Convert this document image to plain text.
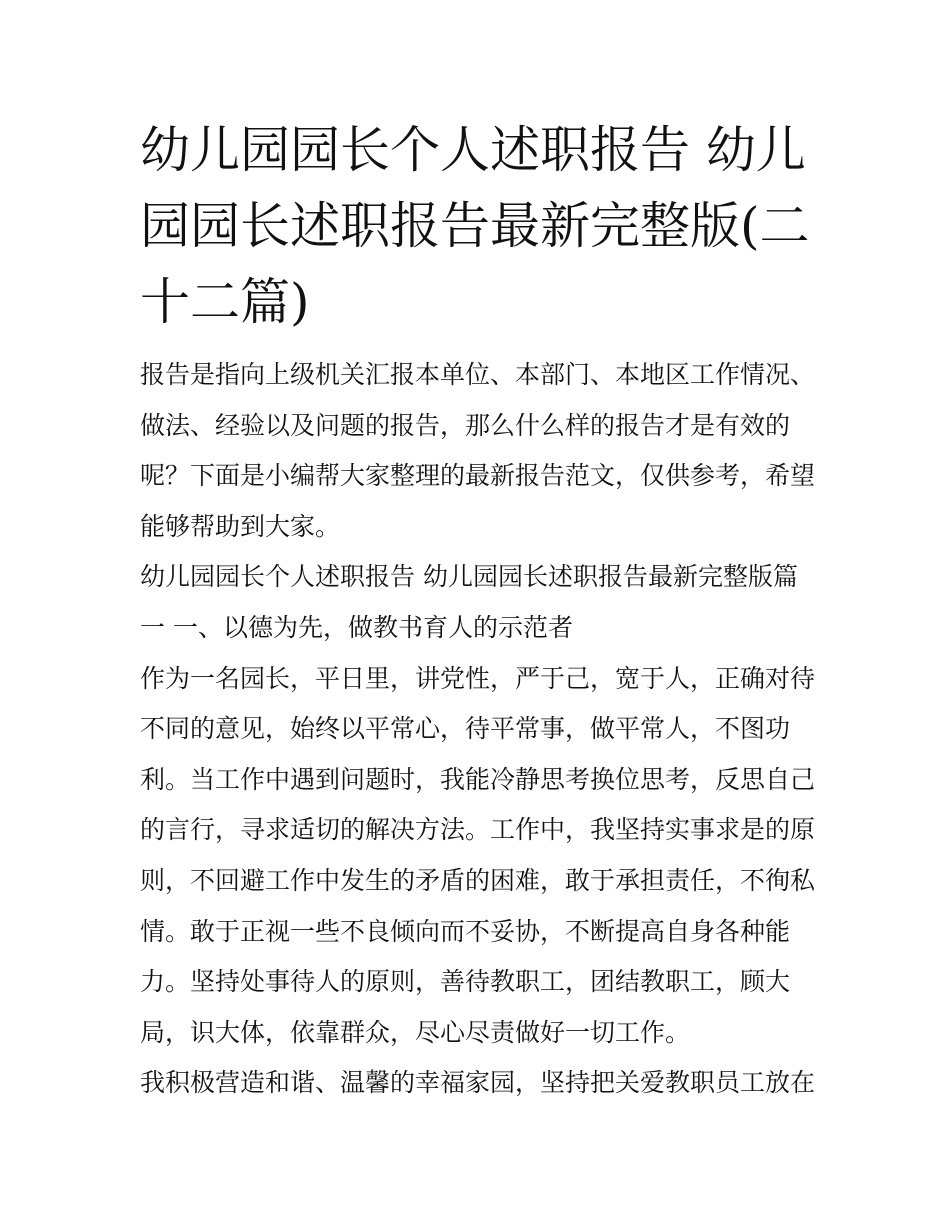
幼儿园园长个人述职报告 幼儿
园园长述职报告最新完整版(二
十二篇)

报告是指向上级机关汇报本单位、本部门、本地区工作情况、
做法、经验以及问题的报告，那么什么样的报告才是有效的
呢？下面是小编帮大家整理的最新报告范文，仅供参考，希望
能够帮助到大家。

幼儿园园长个人述职报告 幼儿园园长述职报告最新完整版篇
一 一、以德为先，做教书育人的示范者

作为一名园长，平日里，讲党性，严于己，宽于人，正确对待
不同的意见，始终以平常心，待平常事，做平常人，不图功
利。当工作中遇到问题时，我能冷静思考换位思考，反思自己
的言行，寻求适切的解决方法。工作中，我坚持实事求是的原
则，不回避工作中发生的矛盾的困难，敢于承担责任，不徇私
情。敢于正视一些不良倾向而不妥协，不断提高自身各种能
力。坚持处事待人的原则，善待教职工，团结教职工，顾大
局，识大体，依靠群众，尽心尽责做好一切工作。

我积极营造和谐、温馨的幸福家园，坚持把关爱教职员工放在
